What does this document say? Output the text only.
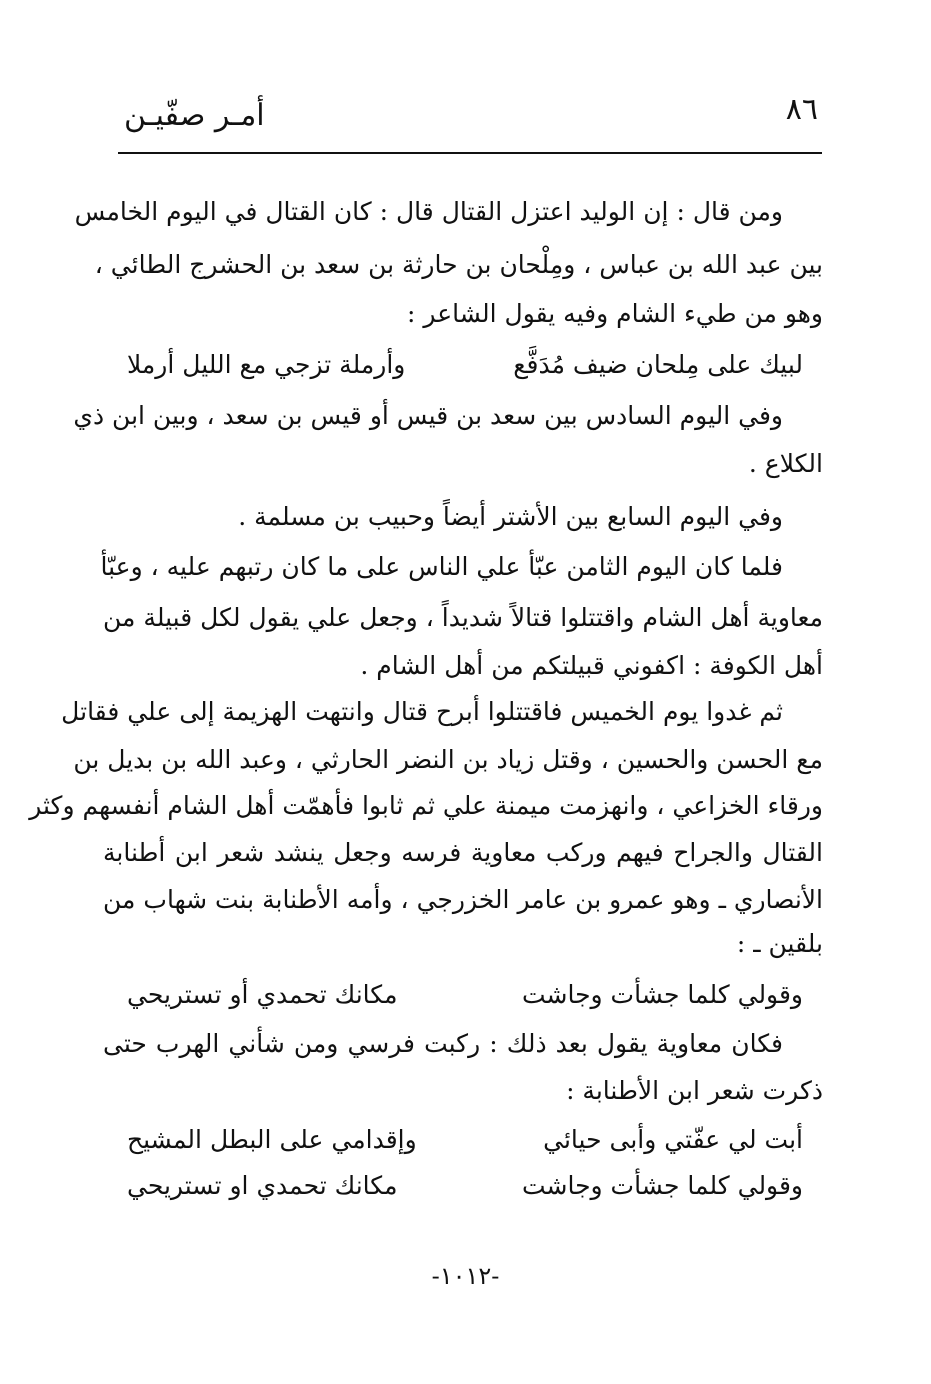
٨٦
أمـر صفّيـن
ومن قال : إن الوليد اعتزل القتال قال : كان القتال في اليوم الخامس
بين عبد الله بن عباس ، ومِلْحان بن حارثة بن سعد بن الحشرج الطائي ،
وهو من طيء الشام وفيه يقول الشاعر :
لبيك على مِلحان ضيف مُدَفَّع
وأرملة تزجي مع الليل أرملا
وفي اليوم السادس بين سعد بن قيس أو قيس بن سعد ، وبين ابن ذي
الكلاع .
وفي اليوم السابع بين الأشتر أيضاً وحبيب بن مسلمة .
فلما كان اليوم الثامن عبّأ علي الناس على ما كان رتبهم عليه ، وعبّأ
معاوية أهل الشام واقتتلوا قتالاً شديداً ، وجعل علي يقول لكل قبيلة من
أهل الكوفة : اكفوني قبيلتكم من أهل الشام .
ثم غدوا يوم الخميس فاقتتلوا أبرح قتال وانتهت الهزيمة إلى علي فقاتل
مع الحسن والحسين ، وقتل زياد بن النضر الحارثي ، وعبد الله بن بديل بن
ورقاء الخزاعي ، وانهزمت ميمنة علي ثم ثابوا فأهمّت أهل الشام أنفسهم وكثر
القتال والجراح فيهم وركب معاوية فرسه وجعل ينشد شعر ابن أطنابة
الأنصاري ـ وهو عمرو بن عامر الخزرجي ، وأمه الأطنابة بنت شهاب من
بلقين ـ :
وقولي كلما جشأت وجاشت
مكانك تحمدي أو تستريحي
فكان معاوية يقول بعد ذلك : ركبت فرسي ومن شأني الهرب حتى
ذكرت شعر ابن الأطنابة :
أبت لي عفّتي وأبى حيائي
وإقدامي على البطل المشيح
وقولي كلما جشأت وجاشت
مكانك تحمدي او تستريحي
-١٠١٢-
